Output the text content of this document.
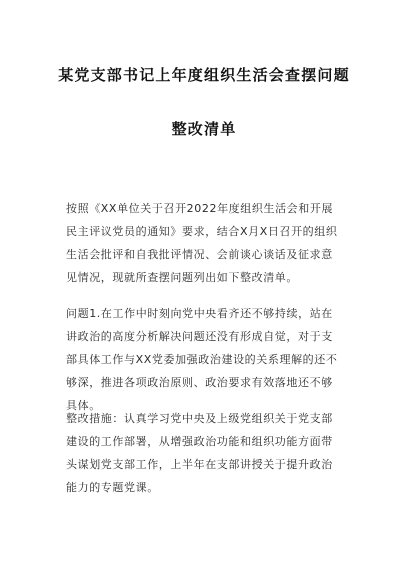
某党支部书记上年度组织生活会查摆问题
整改清单

按照《XX单位关于召开2022年度组织生活会和开展民主评议党员的通知》要求，结合X月X日召开的组织生活会批评和自我批评情况、会前谈心谈话及征求意见情况，现就所查摆问题列出如下整改清单。

问题1.在工作中时刻向党中央看齐还不够持续，站在讲政治的高度分析解决问题还没有形成自觉，对于支部具体工作与XX党委加强政治建设的关系理解的还不够深，推进各项政治原则、政治要求有效落地还不够具体。

整改措施：认真学习党中央及上级党组织关于党支部建设的工作部署，从增强政治功能和组织功能方面带头谋划党支部工作，上半年在支部讲授关于提升政治能力的专题党课。
